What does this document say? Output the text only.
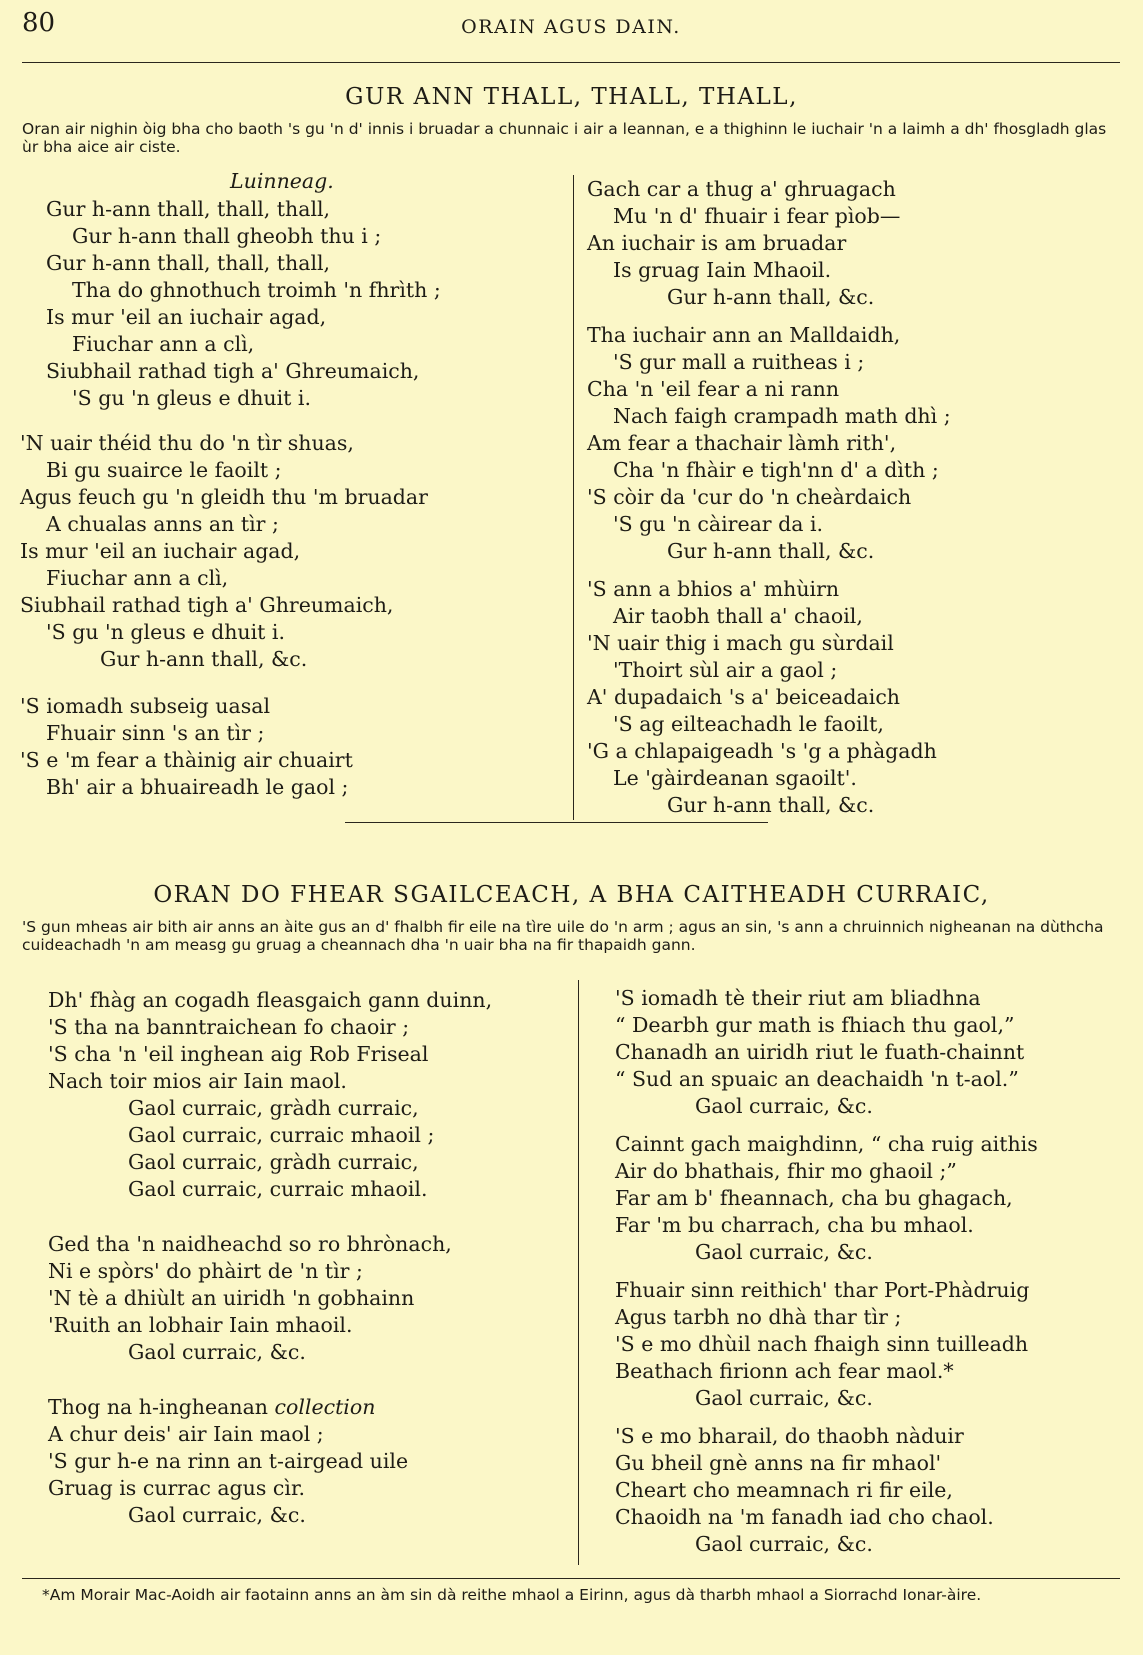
80	ORAIN AGUS DAIN.
GUR ANN THALL, THALL, THALL,
Oran air nighin òig bha cho baoth 's gu 'n d' innis i bruadar a chunnaic i air a leannan, e a thighinn le iuchair 'n a laimh a dh' fhosgladh glas ùr bha aice air ciste.
Luinneag.
Gur h-ann thall, thall, thall,
Gur h-ann thall gheobh thu i ;
Gur h-ann thall, thall, thall,
Tha do ghnothuch troimh 'n fhrìth ;
Is mur 'eil an iuchair agad,
Fiuchar ann a clì,
Siubhail rathad tigh a' Ghreumaich,
'S gu 'n gleus e dhuit i.
'N uair théid thu do 'n tìr shuas,
Bi gu suairce le faoilt ;
Agus feuch gu 'n gleidh thu 'm bruadar
A chualas anns an tìr ;
Is mur 'eil an iuchair agad,
Fiuchar ann a clì,
Siubhail rathad tigh a' Ghreumaich,
'S gu 'n gleus e dhuit i.
Gur h-ann thall, &c.
'S iomadh subseig uasal
Fhuair sinn 's an tìr ;
'S e 'm fear a thàinig air chuairt
Bh' air a bhuaireadh le gaol ;
Gach car a thug a' ghruagach
Mu 'n d' fhuair i fear pìob—
An iuchair is am bruadar
Is gruag Iain Mhaoil.
Gur h-ann thall, &c.
Tha iuchair ann an Malldaidh,
'S gur mall a ruitheas i ;
Cha 'n 'eil fear a ni rann
Nach faigh crampadh math dhì ;
Am fear a thachair làmh rith',
Cha 'n fhàir e tigh'nn d' a dìth ;
'S còir da 'cur do 'n cheàrdaich
'S gu 'n càirear da i.
Gur h-ann thall, &c.
'S ann a bhios a' mhùirn
Air taobh thall a' chaoil,
'N uair thig i mach gu sùrdail
'Thoirt sùl air a gaol ;
A' dupadaich 's a' beiceadaich
'S ag eilteachadh le faoilt,
'G a chlapaigeadh 's 'g a phàgadh
Le 'gàirdeanan sgaoilt'.
Gur h-ann thall, &c.
ORAN DO FHEAR SGAILCEACH, A BHA CAITHEADH CURRAIC,
'S gun mheas air bith air anns an àite gus an d' fhalbh fir eile na tìre uile do 'n arm ; agus an sin, 's ann a chruinnich nigheanan na dùthcha cuideachadh 'n am measg gu gruag a cheannach dha 'n uair bha na fir thapaidh gann.
Dh' fhàg an cogadh fleasgaich gann duinn,
'S tha na banntraichean fo chaoir ;
'S cha 'n 'eil inghean aig Rob Friseal
Nach toir mios air Iain maol.
Gaol curraic, gràdh curraic,
Gaol curraic, curraic mhaoil ;
Gaol curraic, gràdh curraic,
Gaol curraic, curraic mhaoil.
Ged tha 'n naidheachd so ro bhrònach,
Ni e spòrs' do phàirt de 'n tìr ;
'N tè a dhiùlt an uiridh 'n gobhainn
'Ruith an lobhair Iain mhaoil.
Gaol curraic, &c.
Thog na h-ingheanan collection
A chur deis' air Iain maol ;
'S gur h-e na rinn an t-airgead uile
Gruag is currac agus cìr.
Gaol curraic, &c.
'S iomadh tè their riut am bliadhna
“ Dearbh gur math is fhiach thu gaol,”
Chanadh an uiridh riut le fuath-chainnt
“ Sud an spuaic an deachaidh 'n t-aol.”
Gaol curraic, &c.
Cainnt gach maighdinn, “ cha ruig aithis
Air do bhathais, fhir mo ghaoil ;”
Far am b' fheannach, cha bu ghagach,
Far 'm bu charrach, cha bu mhaol.
Gaol curraic, &c.
Fhuair sinn reithich' thar Port-Phàdruig
Agus tarbh no dhà thar tìr ;
'S e mo dhùil nach fhaigh sinn tuilleadh
Beathach firionn ach fear maol.*
Gaol curraic, &c.
'S e mo bharail, do thaobh nàduir
Gu bheil gnè anns na fir mhaol'
Cheart cho meamnach ri fir eile,
Chaoidh na 'm fanadh iad cho chaol.
Gaol curraic, &c.
*Am Morair Mac-Aoidh air faotainn anns an àm sin dà reithe mhaol a Eirinn, agus dà tharbh mhaol a Siorrachd Ionar-àire.
